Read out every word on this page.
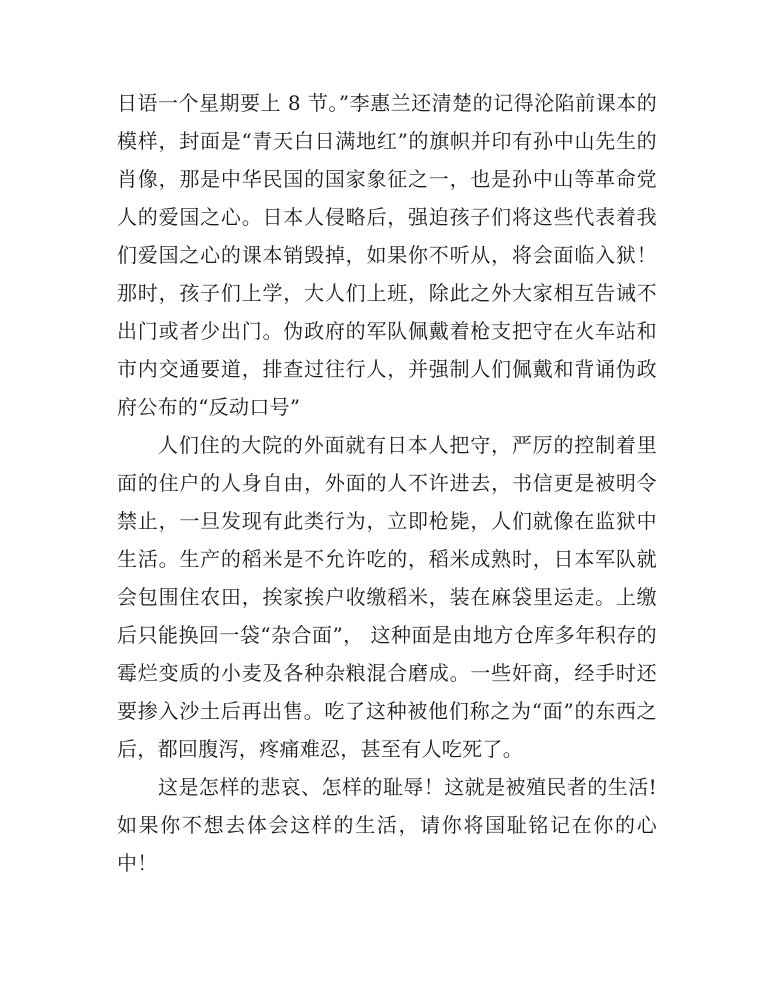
日语一个星期要上 8 节。”李惠兰还清楚的记得沦陷前课本的模样，封面是“青天白日满地红”的旗帜并印有孙中山先生的肖像，那是中华民国的国家象征之一，也是孙中山等革命党人的爱国之心。日本人侵略后，强迫孩子们将这些代表着我们爱国之心的课本销毁掉，如果你不听从，将会面临入狱！那时，孩子们上学，大人们上班，除此之外大家相互告诫不出门或者少出门。伪政府的军队佩戴着枪支把守在火车站和市内交通要道，排查过往行人，并强制人们佩戴和背诵伪政府公布的“反动口号”

人们住的大院的外面就有日本人把守，严厉的控制着里面的住户的人身自由，外面的人不许进去，书信更是被明令禁止，一旦发现有此类行为，立即枪毙，人们就像在监狱中生活。生产的稻米是不允许吃的，稻米成熟时，日本军队就会包围住农田，挨家挨户收缴稻米，装在麻袋里运走。上缴后只能换回一袋“杂合面”， 这种面是由地方仓库多年积存的霉烂变质的小麦及各种杂粮混合磨成。一些奸商，经手时还要掺入沙土后再出售。吃了这种被他们称之为“面”的东西之后，都回腹泻，疼痛难忍，甚至有人吃死了。

这是怎样的悲哀、怎样的耻辱！这就是被殖民者的生活!如果你不想去体会这样的生活，请你将国耻铭记在你的心中！
